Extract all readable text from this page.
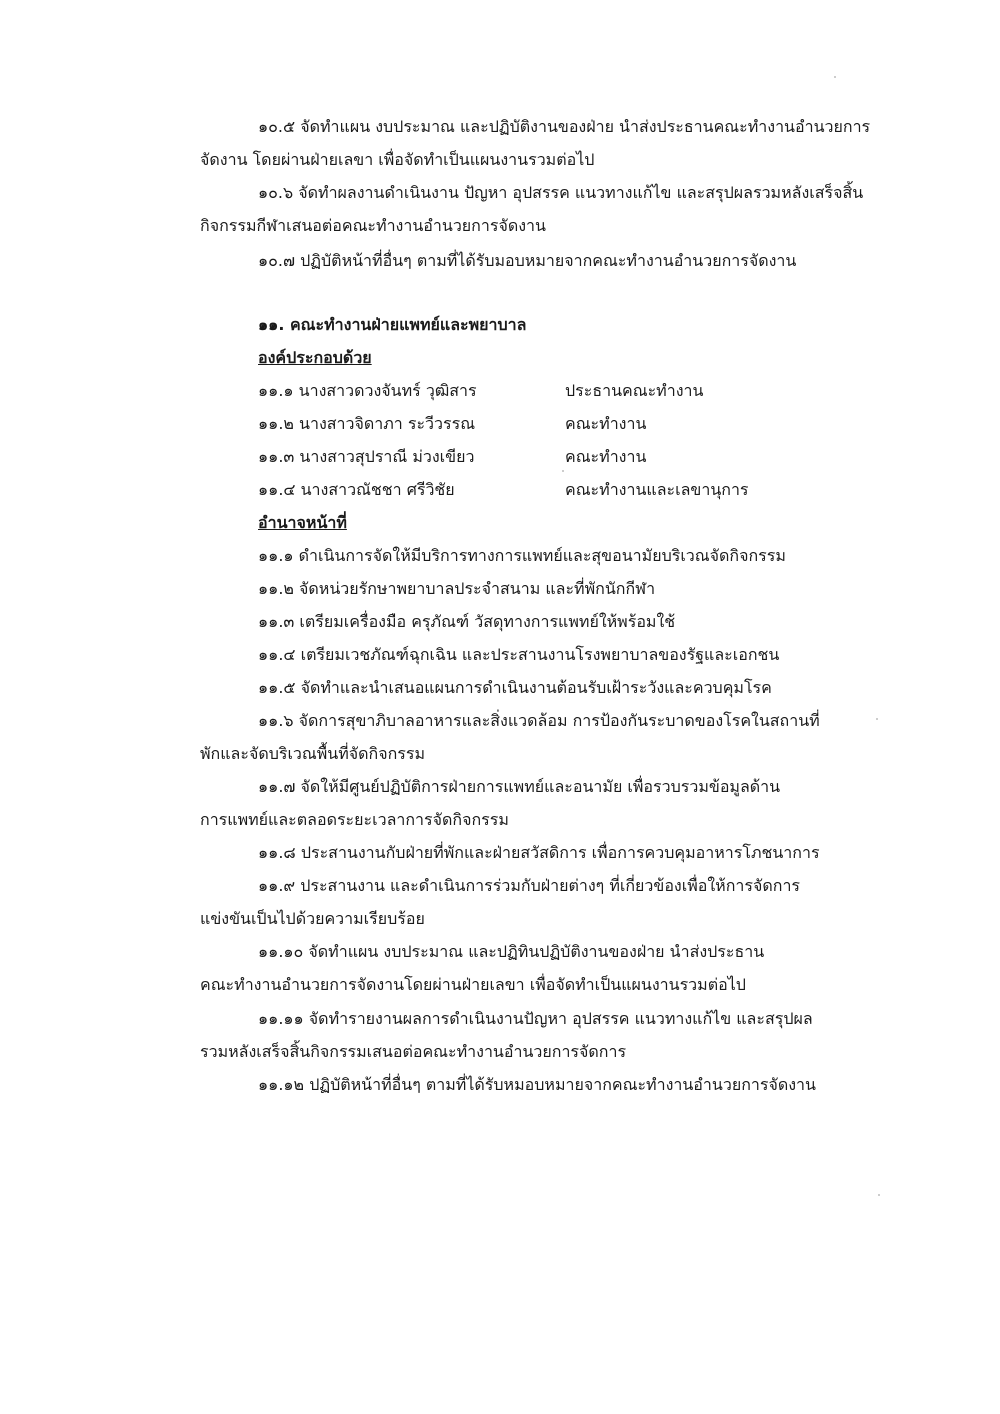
๑๐.๕ จัดทำแผน งบประมาณ และปฏิบัติงานของฝ่าย นำส่งประธานคณะทำงานอำนวยการ
จัดงาน โดยผ่านฝ่ายเลขา เพื่อจัดทำเป็นแผนงานรวมต่อไป
๑๐.๖ จัดทำผลงานดำเนินงาน ปัญหา อุปสรรค แนวทางแก้ไข และสรุปผลรวมหลังเสร็จสิ้น
กิจกรรมกีฬาเสนอต่อคณะทำงานอำนวยการจัดงาน
๑๐.๗ ปฏิบัติหน้าที่อื่นๆ ตามที่ได้รับมอบหมายจากคณะทำงานอำนวยการจัดงาน
๑๑. คณะทำงานฝ่ายแพทย์และพยาบาล
องค์ประกอบด้วย
๑๑.๑ นางสาวดวงจันทร์ วุฒิสาร	ประธานคณะทำงาน
๑๑.๒ นางสาวจิดาภา ระวีวรรณ	คณะทำงาน
๑๑.๓ นางสาวสุปราณี ม่วงเขียว	คณะทำงาน
๑๑.๔ นางสาวณัชชา ศรีวิชัย	คณะทำงานและเลขานุการ
อำนาจหน้าที่
๑๑.๑ ดำเนินการจัดให้มีบริการทางการแพทย์และสุขอนามัยบริเวณจัดกิจกรรม
๑๑.๒ จัดหน่วยรักษาพยาบาลประจำสนาม และที่พักนักกีฬา
๑๑.๓ เตรียมเครื่องมือ ครุภัณฑ์ วัสดุทางการแพทย์ให้พร้อมใช้
๑๑.๔ เตรียมเวชภัณฑ์ฉุกเฉิน และประสานงานโรงพยาบาลของรัฐและเอกชน
๑๑.๕ จัดทำและนำเสนอแผนการดำเนินงานต้อนรับเฝ้าระวังและควบคุมโรค
๑๑.๖ จัดการสุขาภิบาลอาหารและสิ่งแวดล้อม การป้องกันระบาดของโรคในสถานที่
พักและจัดบริเวณพื้นที่จัดกิจกรรม
๑๑.๗ จัดให้มีศูนย์ปฏิบัติการฝ่ายการแพทย์และอนามัย เพื่อรวบรวมข้อมูลด้าน
การแพทย์และตลอดระยะเวลาการจัดกิจกรรม
๑๑.๘ ประสานงานกับฝ่ายที่พักและฝ่ายสวัสดิการ เพื่อการควบคุมอาหารโภชนาการ
๑๑.๙ ประสานงาน และดำเนินการร่วมกับฝ่ายต่างๆ ที่เกี่ยวข้องเพื่อให้การจัดการ
แข่งขันเป็นไปด้วยความเรียบร้อย
๑๑.๑๐ จัดทำแผน งบประมาณ และปฏิทินปฏิบัติงานของฝ่าย นำส่งประธาน
คณะทำงานอำนวยการจัดงานโดยผ่านฝ่ายเลขา เพื่อจัดทำเป็นแผนงานรวมต่อไป
๑๑.๑๑ จัดทำรายงานผลการดำเนินงานปัญหา อุปสรรค แนวทางแก้ไข และสรุปผล
รวมหลังเสร็จสิ้นกิจกรรมเสนอต่อคณะทำงานอำนวยการจัดการ
๑๑.๑๒ ปฏิบัติหน้าที่อื่นๆ ตามที่ได้รับหมอบหมายจากคณะทำงานอำนวยการจัดงาน
